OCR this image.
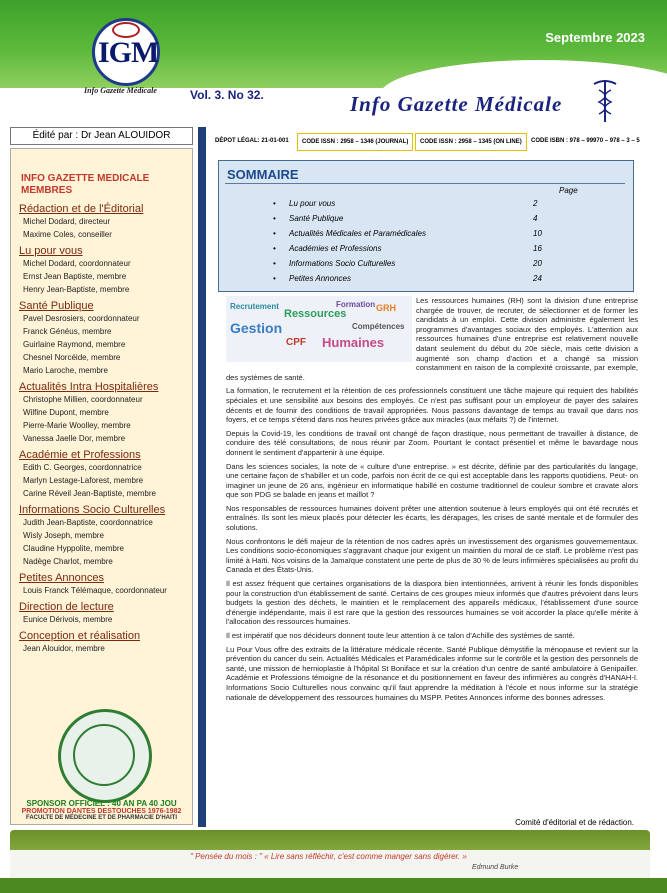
Septembre 2023
IGM
Info Gazette Médicale	Vol. 3. No 32.	Info Gazette Médicale
Édité par : Dr Jean ALOUIDOR
INFO GAZETTE MEDICALE
MEMBRES
Rédaction et de l'Éditorial
Michel Dodard, directeur
Maxime Coles, conseiller
Lu pour vous
Michel Dodard, coordonnateur
Ernst Jean Baptiste, membre
Henry Jean-Baptiste, membre
Santé Publique
Pavel Desrosiers, coordonnateur
Franck Généus, membre
Guirlaine Raymond, membre
Chesnel Norcéide, membre
Mario Laroche, membre
Actualités Intra Hospitalières
Christophe Millien, coordonnateur
Wilfine Dupont, membre
Pierre-Marie Woolley, membre
Vanessa Jaelle Dor, membre
Académie et Professions
Edith C. Georges, coordonnatrice
Marlyn Lestage-Laforest, membre
Carine Réveil Jean-Baptiste, membre
Informations Socio Culturelles
Judith Jean-Baptiste, coordonnatrice
Wisly Joseph, membre
Claudine Hyppolite, membre
Nadège Charlot, membre
Petites Annonces
Louis Franck Télémaque, coordonnateur
Direction de lecture
Eunice Dérivois, membre
Conception et réalisation
Jean Alouidor, membre
SPONSOR OFFICIEL : 40 AN PA 40 JOU
PROMOTION DANTES DESTOUCHES 1976-1982
FACULTE DE MÉDECINE ET DE PHARMACIE D'HAITI
DÉPOT LÉGAL: 21-01-001	CODE ISSN : 2958 – 1346 (JOURNAL)	CODE ISSN : 2958 – 1345 (ON LINE)	CODE ISBN : 978 – 99970 – 978 – 3 – 5
SOMMAIRE
Page
• Lu pour vous	2
• Santé Publique	4
• Actualités Médicales et Paramédicales	10
• Académies et Professions	16
• Informations Socio Culturelles	20
• Petites Annonces	24
Gestion
Ressources
Humaines
CPF
GRH
Formation
Recrutement
Compétences

Les ressources humaines (RH) sont la division d'une entreprise chargée de trouver, de recruter, de sélectionner et de former les candidats à un emploi. Cette division administre également les programmes d'avantages sociaux des employés. L'attention aux ressources humaines d'une entreprise est relativement nouvelle datant seulement du début du 20e siècle, mais cette division a augmenté son champ d'action et a changé sa mission constamment en raison de la complexité croissante, par exemple, des systèmes de santé.

La formation, le recrutement et la rétention de ces professionnels constituent une tâche majeure qui requiert des habilités spéciales et une sensibilité aux besoins des employés. Ce n'est pas suffisant pour un employeur de payer des salaires décents et de fournir des conditions de travail appropriées. Nous passons davantage de temps au travail que dans nos foyers, et ce temps s'étend dans nos heures privées grâce aux miracles (aux méfaits ?) de l'internet.

Depuis la Covid-19, les conditions de travail ont changé de façon drastique, nous permettant de travailler à distance, de conduire des télé consultations, de nous réunir par Zoom. Pourtant le contact présentiel et même le bavardage nous donnent le sentiment d'appartenir à une équipe.

Dans les sciences sociales, la note de « culture d'une entreprise. » est décrite, définie par des particularités du langage, une certaine façon de s'habiller et un code, parfois non écrit de ce qui est acceptable dans les rapports quotidiens. Peut- on imaginer un jeune de 26 ans, ingénieur en informatique habillé en costume traditionnel de couleur sombre et cravate alors que son PDG se balade en jeans et maillot ?

Nos responsables de ressources humaines doivent prêter une attention soutenue à leurs employés qui ont été recrutés et entraînés. Ils sont les mieux placés pour détecter les écarts, les dérapages, les crises de santé mentale et de formuler des solutions.

Nous confrontons le défi majeur de la rétention de nos cadres après un investissement des organismes gouvernementaux. Les conditions socio-économiques s'aggravant chaque jour exigent un maintien du moral de ce staff. Le problème n'est pas limité à Haïti. Nos voisins de la Jamaïque constatent une perte de plus de 30 % de leurs infirmières spécialisées au profit du Canada et des États-Unis.

Il est assez fréquent que certaines organisations de la diaspora bien intentionnées, arrivent à réunir les fonds disponibles pour la construction d'un établissement de santé. Certains de ces groupes mieux informés que d'autres prévoient dans leurs budgets la gestion des déchets, le maintien et le remplacement des appareils médicaux, l'établissement d'une source d'énergie indépendante, mais il est rare que la gestion des ressources humaines se voit accorder la place qu'elle mérite à l'allocation des ressources humaines.

Il est impératif que nos décideurs donnent toute leur attention à ce talon d'Achille des systèmes de santé.

Lu Pour Vous offre des extraits de la littérature médicale récente. Santé Publique démystifie la ménopause et revient sur la prévention du cancer du sein. Actualités Médicales et Paramédicales informe sur le contrôle et la gestion des personnels de santé, une mission de hernioplastie à l'hôpital St Boniface et sur la création d'un centre de santé ambulatoire à Genipailler. Académie et Professions témoigne de la résonance et du positionnement en faveur des infirmières au congrès d'HANAH-I. Informations Socio Culturelles nous convainc qu'il faut apprendre la méditation à l'école et nous informe sur la stratégie nationale de développement des ressources humaines du MSPP. Petites Annonces informe des bonnes adresses.

Comité d'éditorial et de rédaction.
" Pensée du mois : " « Lire sans réfléchir, c'est comme manger sans digérer. »
Edmund Burke
